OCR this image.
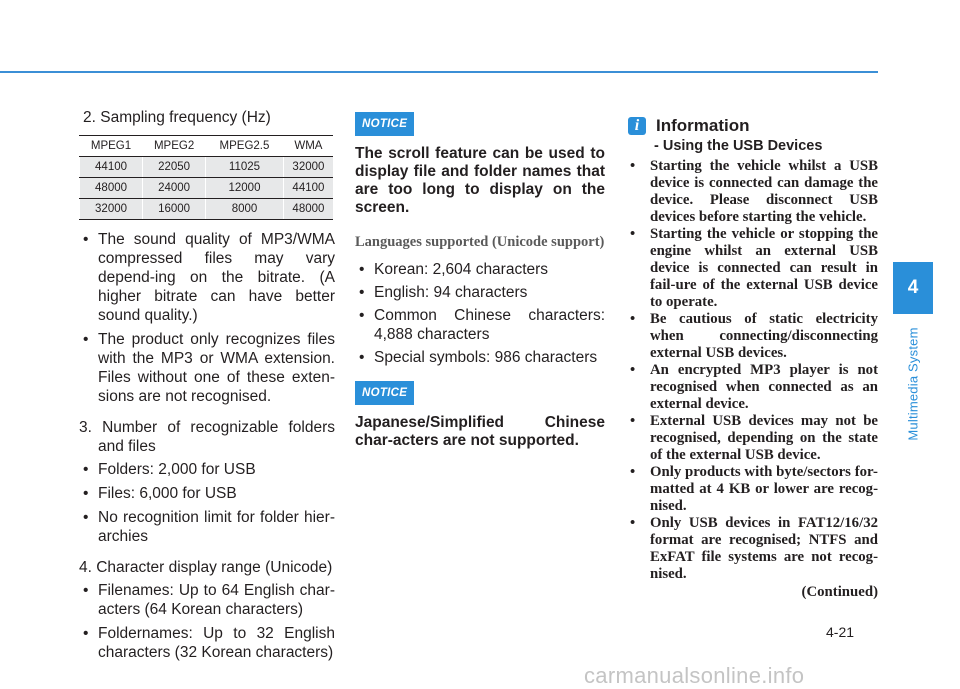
2. Sampling frequency (Hz)

MPEG1	MPEG2	MPEG2.5	WMA
44100	22050	11025	32000
48000	24000	12000	44100
32000	16000	8000	48000
• The sound quality of MP3/WMA compressed files may vary depend-ing on the bitrate. (A higher bitrate can have better sound quality.)
• The product only recognizes files with the MP3 or WMA extension. Files without one of these exten-sions are not recognised.

3. Number of recognizable folders and files

• Folders: 2,000 for USB
• Files: 6,000 for USB
• No recognition limit for folder hier-archies

4. Character display range (Unicode)

• Filenames: Up to 64 English char-acters (64 Korean characters)
• Foldernames: Up to 32 English characters (32 Korean characters)
NOTICE

The scroll feature can be used to display file and folder names that are too long to display on the screen.

Languages supported (Unicode support)

• Korean: 2,604 characters
• English: 94 characters
• Common Chinese characters: 4,888 characters
• Special symbols: 986 characters
NOTICE

Japanese/Simplified Chinese char-acters are not supported.

i Information

- Using the USB Devices

• Starting the vehicle whilst a USB device is connected can damage the device. Please disconnect USB devices before starting the vehicle.
• Starting the vehicle or stopping the engine whilst an external USB device is connected can result in fail-ure of the external USB device to operate.
• Be cautious of static electricity when connecting/disconnecting external USB devices.
• An encrypted MP3 player is not recognised when connected as an external device.
• External USB devices may not be recognised, depending on the state of the external USB device.
• Only products with byte/sectors for-matted at 4 KB or lower are recog-nised.
• Only USB devices in FAT12/16/32 format are recognised; NTFS and ExFAT file systems are not recog-nised.

(Continued)

4
Multimedia System
4-21
carmanualsonline.info
